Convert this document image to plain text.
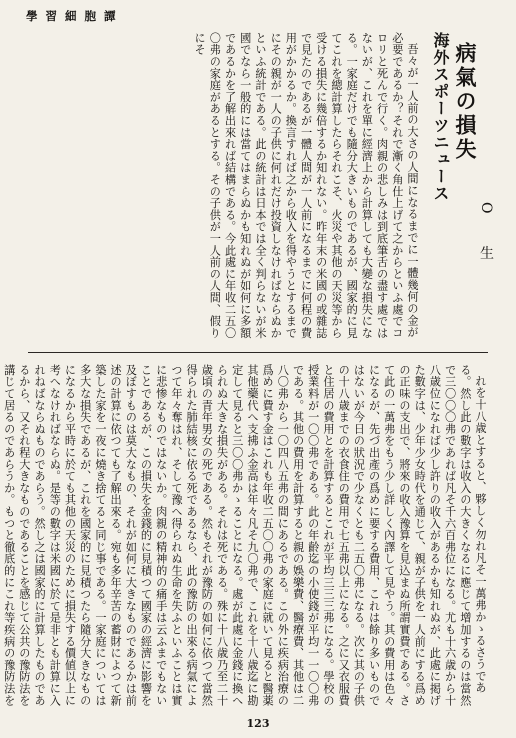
學 習 細 胞 譚
海外スポーツニュース 病氣の損失
O 生

吾々が一人前の大さの人間になるまでに一體幾何の金が必要であるか？それで漸く角仕上げて之からといふ處でコロリと死んで行く。肉親の悲しみは到底筆舌の盡す處ではないが、これを單に經濟上から計算しても大變な損失になる。一家庭だけでも隨分大きいものであるが、國家的に見てこれを總計算したらそれこそ、火災や其他の天災等から受ける損失に幾倍するか知れない。昨年末の米國の或雜誌で見たのであるが一體人間が一人前になるまでに何程の費用がかかるか。換言すれば之から收入を得やうとするまでにその親が一人の子供に何れだけ投資しなければならぬかといふ統計である。此の統計は日本では全く判らないが米國でなら一般的には當てはまらぬかも知れぬが如何に多額であるかを了解出來れば結構である。今此處に年收二五〇〇弗の家庭があるとする。その子供が一人前の人間、假りにそ

れを十八歳とすると、夥しく勿れ凡そ一萬弗かゝるさうである。然し此の數字は收入の大きくなるに應じて增加するのは當然で三〇〇〇弗であれば凡そ千六百弗位になる。尤も十六歳から十八歳位になれば少し許りの收入があるかも知れぬが、此處に掲げた數字は、少年少女時代を通じて、親が子供を一人前にする爲めの正味の支出で、將來の收入豫算を見込まぬ所謂實費である。さて此の一萬弗をもう少し詳しく內譯して見やう。其の費用は色々になるが、先づ出產の爲めに要する費用、これは餘り多いものではないが今日の狀況で少なくとも二五〇弗になる。次に其の子供の十八歳までの衣食住の費用で七五弗以上になる。之に又衣服費と住居の費用とを計算するとこれが平均三三三弗になる。學校の授業料が一〇〇弗である。此の年齡迄の小使錢が平均一一〇〇弗である。其他の費用を計算すると親の娛樂費、醫療費、其他は二八〇弗から一〇四八五弗の間にあるである。この外に疾病治療の爲めに費す金はこれも年收二五〇〇弗の家庭に就いて見ると醫薬其他藥代へ支拂ふ金高は年々凡そ九〇弗で、これを十八歳迄に勘定して見ると三〇〇弗かゝることになる。處が此處に金錢に換へられぬ大きな損失がある。それは死である。殊に十八歳乃至二十歳頃の青年男女の死である。然もそれが豫防の如何に依つて當然得られた肺結核に依る死であるなら、此の豫防の出來る病氣によつて年々奪はれ、そして豫へ得られぬ生命を失ふといふことは實に悲惨なものではないか。肉親の精神的の痛手は云ふまでもないことであるが、この損失を金錢的に見積つて國家の經濟に影響を及ぼすものは莫大なもの、それが如何に大きなものであるかは前述の計算に依つても了解出來る。宛も多年辛苦の蓄財によつて新築した家を一夜に燒き捨てると同じ事である。一家庭については多大な損失であるが、これを國家的に見積つたら隨分大きなものになるから平時に於ても其他の天災のために損失する價値以上に考へなければならぬ。是等の數字は米國に於て是非とも計算に入れねばならぬものであらう。然し之は國家的に計算したものであるから、又それ程大きなものであることを感じて公共の豫防法を講じて居るのであらうか。もつと徹底的にこれ等疾病の豫防法を

123
